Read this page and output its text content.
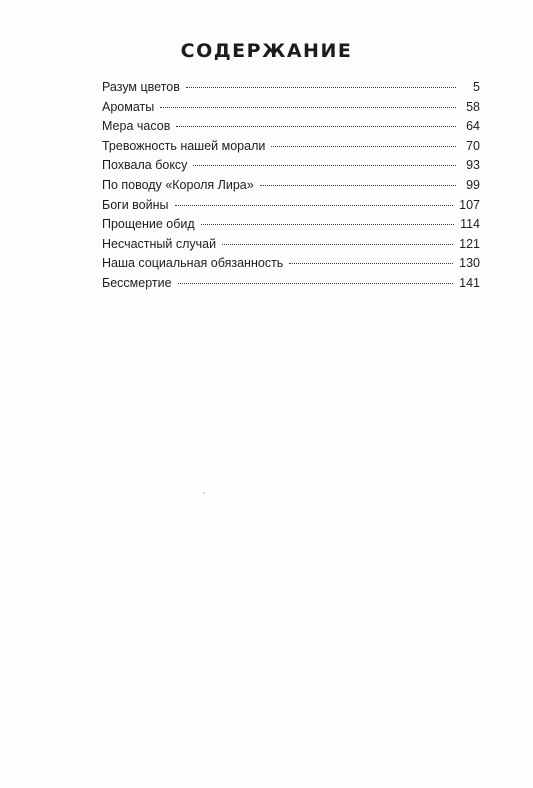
СОДЕРЖАНИЕ
Разум цветов	5
Ароматы	58
Мера часов	64
Тревожность нашей морали	70
Похвала боксу	93
По поводу «Короля Лира»	99
Боги войны	107
Прощение обид	114
Несчастный случай	121
Наша социальная обязанность	130
Бессмертие	141
